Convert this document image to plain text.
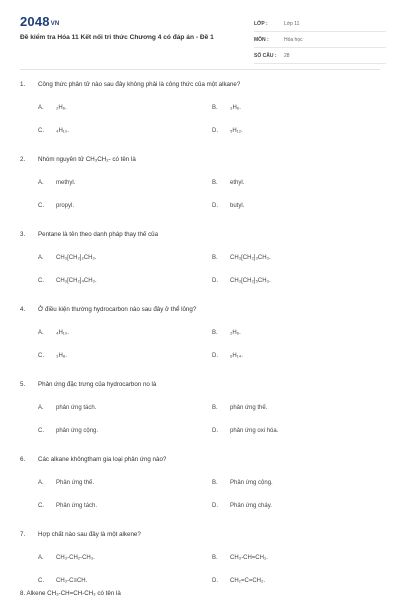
2048VN
Đề kiểm tra Hóa 11 Kết nối tri thức Chương 4 có đáp án - Đề 1
LỚP :	Lớp 11
MÔN :	Hóa học
SỐ CÂU :	28
1.	Công thức phân tử nào sau đây không phải là công thức của một alkane?
A.	₂H₆.	B.	₃H₆.
C.	₄H₁₀.	D.	₅H₁₂.
2.	Nhóm nguyên tử CH₃CH₂- có tên là
A.	methyl.	B.	ethyl.
C.	propyl.	D.	butyl.
3.	Pentane là tên theo danh pháp thay thế của
A.	CH₃[CH₂]₂CH₃.	B.	CH₃[CH₂]₃CH₃.
C.	CH₃[CH₂]₄CH₃.	D.	CH₃[CH₂]₅CH₃.
4.	Ở điều kiện thường hydrocarbon nào sau đây ở thể lỏng?
A.	₄H₁₀.	B.	₂H₆.
C.	₃H₈.	D.	₆H₁₄.
5.	Phản ứng đặc trưng của hydrocarbon no là
A.	phản ứng tách.	B.	phản ứng thế.
C.	phản ứng cộng.	D.	phản ứng oxi hóa.
6.	Các alkane khôngtham gia loại phản ứng nào?
A.	Phản ứng thế.	B.	Phản ứng cộng.
C.	Phản ứng tách.	D.	Phản ứng cháy.
7.	Hợp chất nào sau đây là một alkene?
A.	CH₃-CH₂-CH₃.	B.	CH₃-CH=CH₂.
C.	CH₃-C≡CH.	D.	CH₂=C=CH₂.
8. Alkene CH₃-CH=CH-CH₃ có tên là
